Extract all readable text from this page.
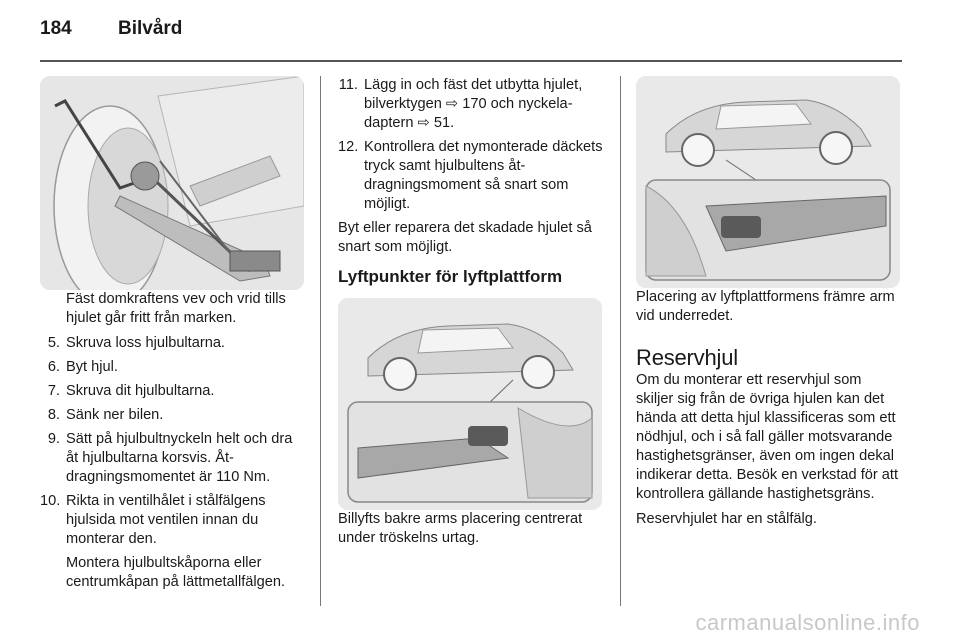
184 Bilvård

Fäst domkraftens vev och vrid tills hjulet går fritt från marken.

5. Skruva loss hjulbultarna.
6. Byt hjul.
7. Skruva dit hjulbultarna.
8. Sänk ner bilen.
9. Sätt på hjulbultnyckeln helt och dra åt hjulbultarna korsvis. Åtdragningsmomentet är 110 Nm.
10. Rikta in ventilhålet i stålfälgens hjulsida mot ventilen innan du monterar den.
Montera hjulbultskåporna eller centrumkåpan på lättmetallfälgen.
11. Lägg in och fäst det utbytta hjulet, bilverktygen ⇨ 170 och nyckeladaptern ⇨ 51.
12. Kontrollera det nymonterade däckets tryck samt hjulbultens åtdragningsmoment så snart som möjligt.

Byt eller reparera det skadade hjulet så snart som möjligt.

Lyftpunkter för lyftplattform

Billyfts bakre arms placering centrerat under tröskelns urtag.

Placering av lyftplattformens främre arm vid underredet.

Reservhjul

Om du monterar ett reservhjul som skiljer sig från de övriga hjulen kan det hända att detta hjul klassificeras som ett nödhjul, och i så fall gäller motsvarande hastighetsgränser, även om ingen dekal indikerar detta. Besök en verkstad för att kontrollera gällande hastighetsgräns.

Reservhjulet har en stålfälg.

carmanualsonline.info
